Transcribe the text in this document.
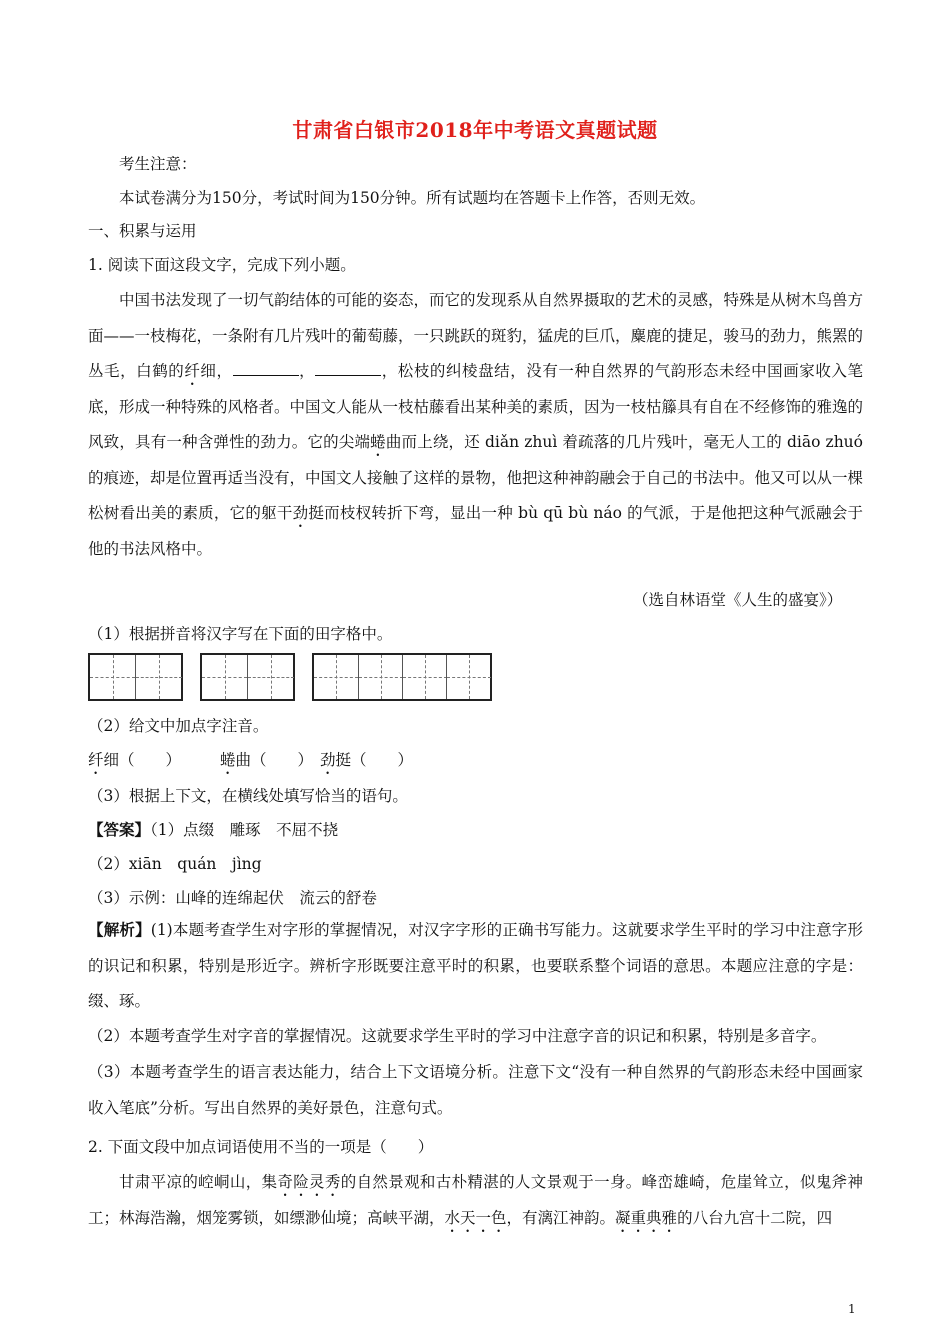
甘肃省白银市2018年中考语文真题试题
考生注意：
本试卷满分为150分，考试时间为150分钟。所有试题均在答题卡上作答，否则无效。
一、积累与运用
1. 阅读下面这段文字，完成下列小题。
中国书法发现了一切气韵结体的可能的姿态，而它的发现系从自然界摄取的艺术的灵感，特殊是从树木鸟兽方面——一枝梅花，一条附有几片残叶的葡萄藤，一只跳跃的斑豹，猛虎的巨爪，麋鹿的捷足，骏马的劲力，熊罴的丛毛，白鹤的纤细，	，	，松枝的纠棱盘结，没有一种自然界的气韵形态未经中国画家收入笔底，形成一种特殊的风格者。中国文人能从一枝枯藤看出某种美的素质，因为一枝枯籐具有自在不经修饰的雅逸的风致，具有一种含弹性的劲力。它的尖端蜷曲而上绕，还 diǎn zhuì 着疏落的几片残叶，毫无人工的 diāo zhuó 的痕迹，却是位置再适当没有，中国文人接触了这样的景物，他把这种神韵融会于自己的书法中。他又可以从一棵松树看出美的素质，它的躯干劲挺而枝杈转折下弯，显出一种 bù qū bù náo 的气派，于是他把这种气派融会于他的书法风格中。
（选自林语堂《人生的盛宴》）
（1）根据拼音将汉字写在下面的田字格中。
（2）给文中加点字注音。
纤细（　　）	蜷曲（　　） 劲挺（　　）
（3）根据上下文，在横线处填写恰当的语句。
【答案】（1）点缀　雕琢　不屈不挠
（2）xiān　quán　jìng
（3）示例：山峰的连绵起伏　流云的舒卷
【解析】(1)本题考查学生对字形的掌握情况，对汉字字形的正确书写能力。这就要求学生平时的学习中注意字形的识记和积累，特别是形近字。辨析字形既要注意平时的积累，也要联系整个词语的意思。本题应注意的字是：缀、琢。
（2）本题考查学生对字音的掌握情况。这就要求学生平时的学习中注意字音的识记和积累，特别是多音字。
（3）本题考查学生的语言表达能力，结合上下文语境分析。注意下文“没有一种自然界的气韵形态未经中国画家收入笔底”分析。写出自然界的美好景色，注意句式。
2. 下面文段中加点词语使用不当的一项是（　　）
甘肃平凉的崆峒山，集奇险灵秀的自然景观和古朴精湛的人文景观于一身。峰峦雄崎，危崖耸立，似鬼斧神工；林海浩瀚，烟笼雾锁，如缥渺仙境；高峡平湖，水天一色，有漓江神韵。凝重典雅的八台九宫十二院，四
1
